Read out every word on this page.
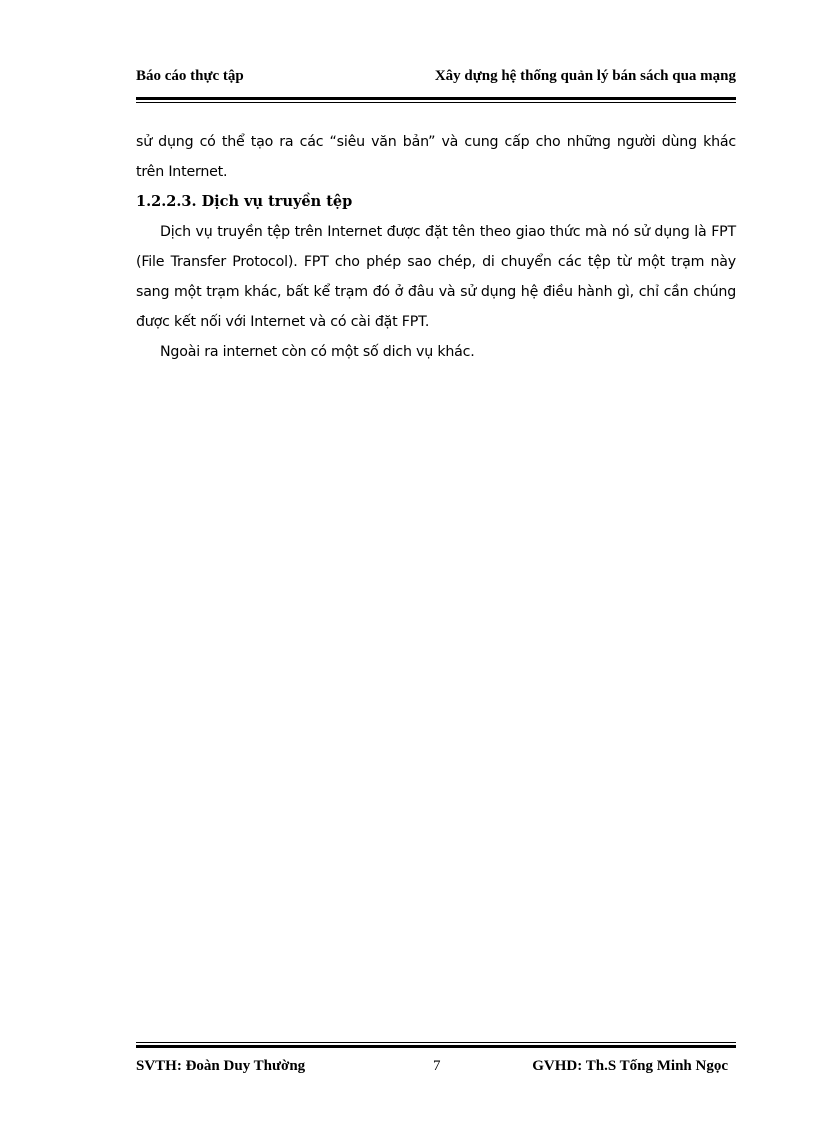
Báo cáo thực tập	Xây dựng hệ thống quản lý bán sách qua mạng

sử dụng có thể tạo ra các “siêu văn bản” và cung cấp cho những người dùng khác trên Internet.

1.2.2.3. Dịch vụ truyền tệp

Dịch vụ truyền tệp trên Internet được đặt tên theo giao thức mà nó sử dụng là FPT (File Transfer Protocol). FPT cho phép sao chép, di chuyển các tệp từ một trạm này sang một trạm khác, bất kể trạm đó ở đâu và sử dụng hệ điều hành gì, chỉ cần chúng được kết nối với Internet và có cài đặt FPT.

Ngoài ra internet còn có một số dich vụ khác.

SVTH: Đoàn Duy Thường	7	GVHD: Th.S Tống Minh Ngọc
